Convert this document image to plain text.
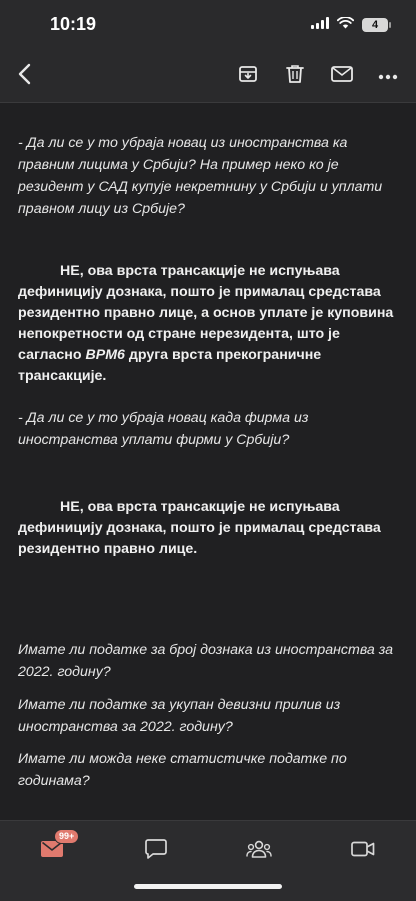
10:19	4
- Да ли се у то убраја новац из иностранства ка правним лицима у Србији? На пример неко ко је резидент у САД купује некретнину у Србији и уплати правном лицу из Србије?
НЕ, ова врста трансакције не испуњава дефиницију дознака, пошто је прималац средстава резидентно правно лице, а основ уплате је куповина непокретности од стране нерезидента, што је сагласно ВРМ6 друга врста прекограничне трансакције.
- Да ли се у то убраја новац када фирма из иностранства уплати фирми у Србији?
НЕ, ова врста трансакције не испуњава дефиницију дознака, пошто је прималац средстава резидентно правно лице.
Имате ли податке за број дознака из иностранства за 2022. годину?
Имате ли податке за укупан девизни прилив из иностранства за 2022. годину?
Имате ли можда неке статистичке податке по годинама?
99+
